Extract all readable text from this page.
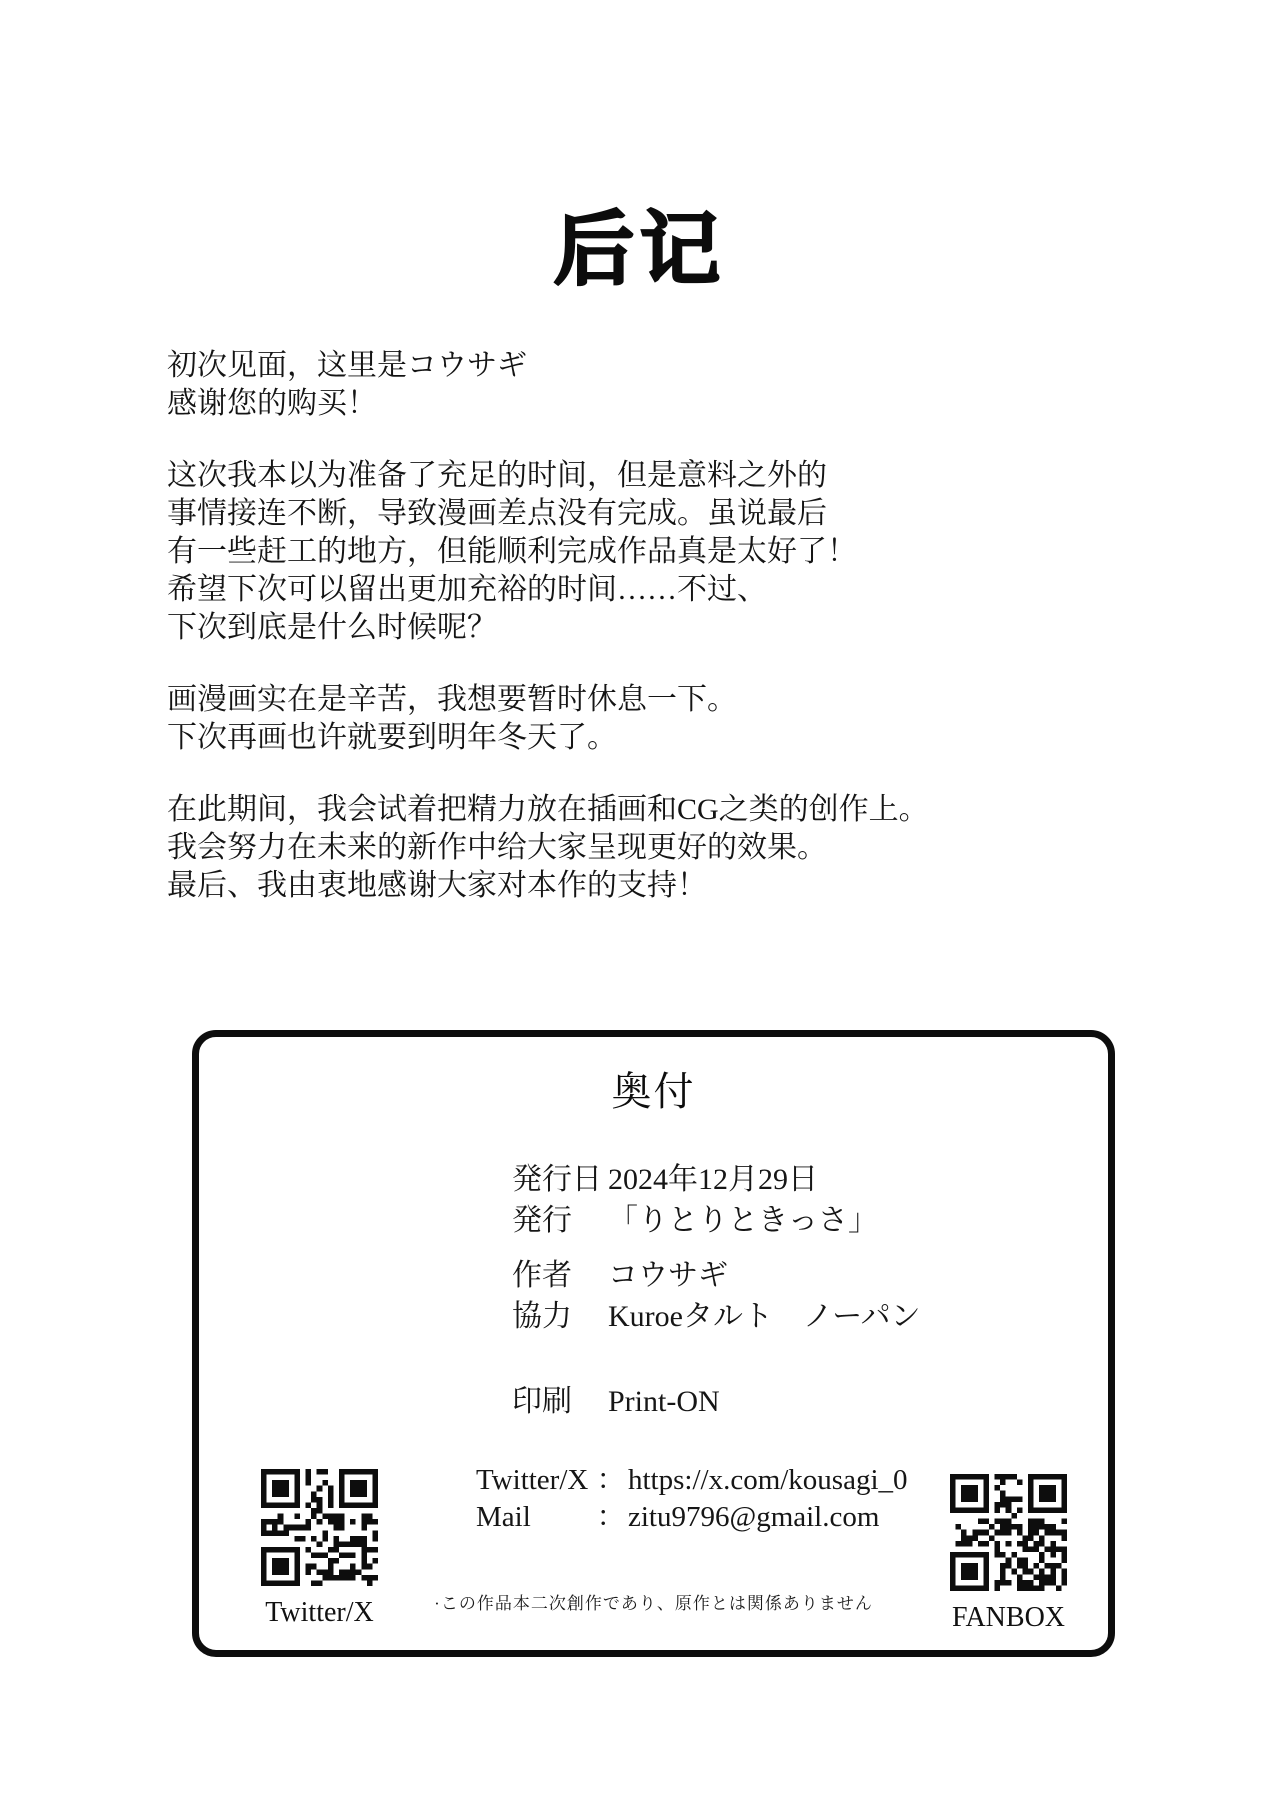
后记

初次见面，这里是コウサギ
感谢您的购买！

这次我本以为准备了充足的时间，但是意料之外的
事情接连不断，导致漫画差点没有完成。虽说最后
有一些赶工的地方，但能顺利完成作品真是太好了！
希望下次可以留出更加充裕的时间……不过、
下次到底是什么时候呢？

画漫画实在是辛苦，我想要暂时休息一下。
下次再画也许就要到明年冬天了。

在此期间，我会试着把精力放在插画和CG之类的创作上。
我会努力在未来的新作中给大家呈现更好的效果。
最后、我由衷地感谢大家对本作的支持！

奥付
発行日 2024年12月29日
発行 「りとりときっさ」
作者 コウサギ
協力 Kuroeタルト　ノーパン
印刷 Print-ON
Twitter/X ：https://x.com/kousagi_0
Mail ：zitu9796@gmail.com
·この作品本二次創作であり、原作とは関係ありません
Twitter/X	FANBOX
